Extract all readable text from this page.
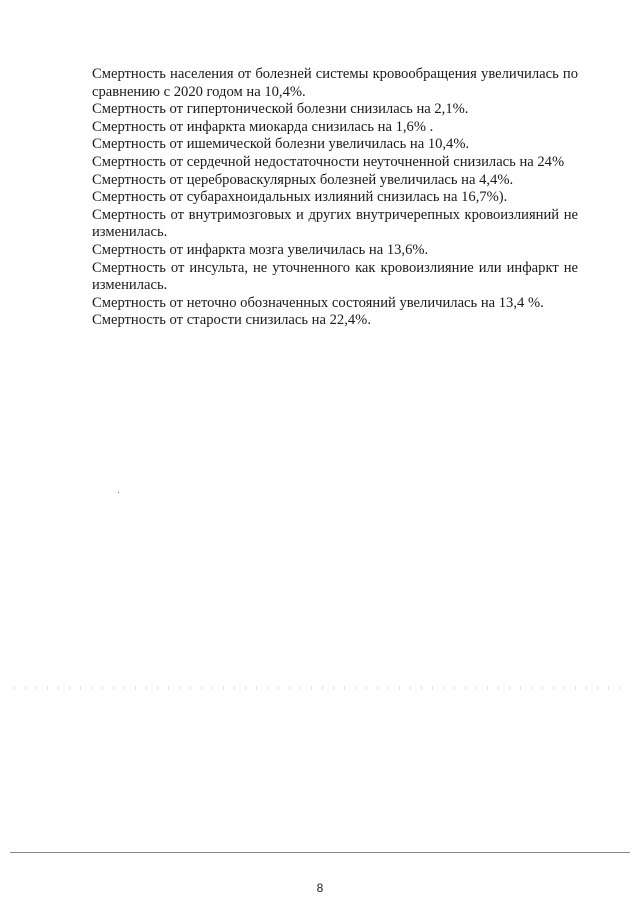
Смертность населения от болезней системы кровообращения увеличилась по сравнению с 2020 годом на 10,4%.

Смертность от гипертонической болезни снизилась на 2,1%.

Смертность от инфаркта миокарда снизилась на 1,6% .

Смертность от ишемической болезни увеличилась на 10,4%.

Смертность от сердечной недостаточности неуточненной снизилась на 24%

Смертность от цереброваскулярных болезней увеличилась на 4,4%.

Смертность от субарахноидальных излияний снизилась на 16,7%).

Смертность от внутримозговых и других внутричерепных кровоизлияний не изменилась.

Смертность от инфаркта мозга увеличилась на 13,6%.

Смертность от инсульта, не уточненного как кровоизлияние или инфаркт не изменилась.

Смертность от неточно обозначенных состояний увеличилась на 13,4 %.

Смертность от старости снизилась на 22,4%.

8
